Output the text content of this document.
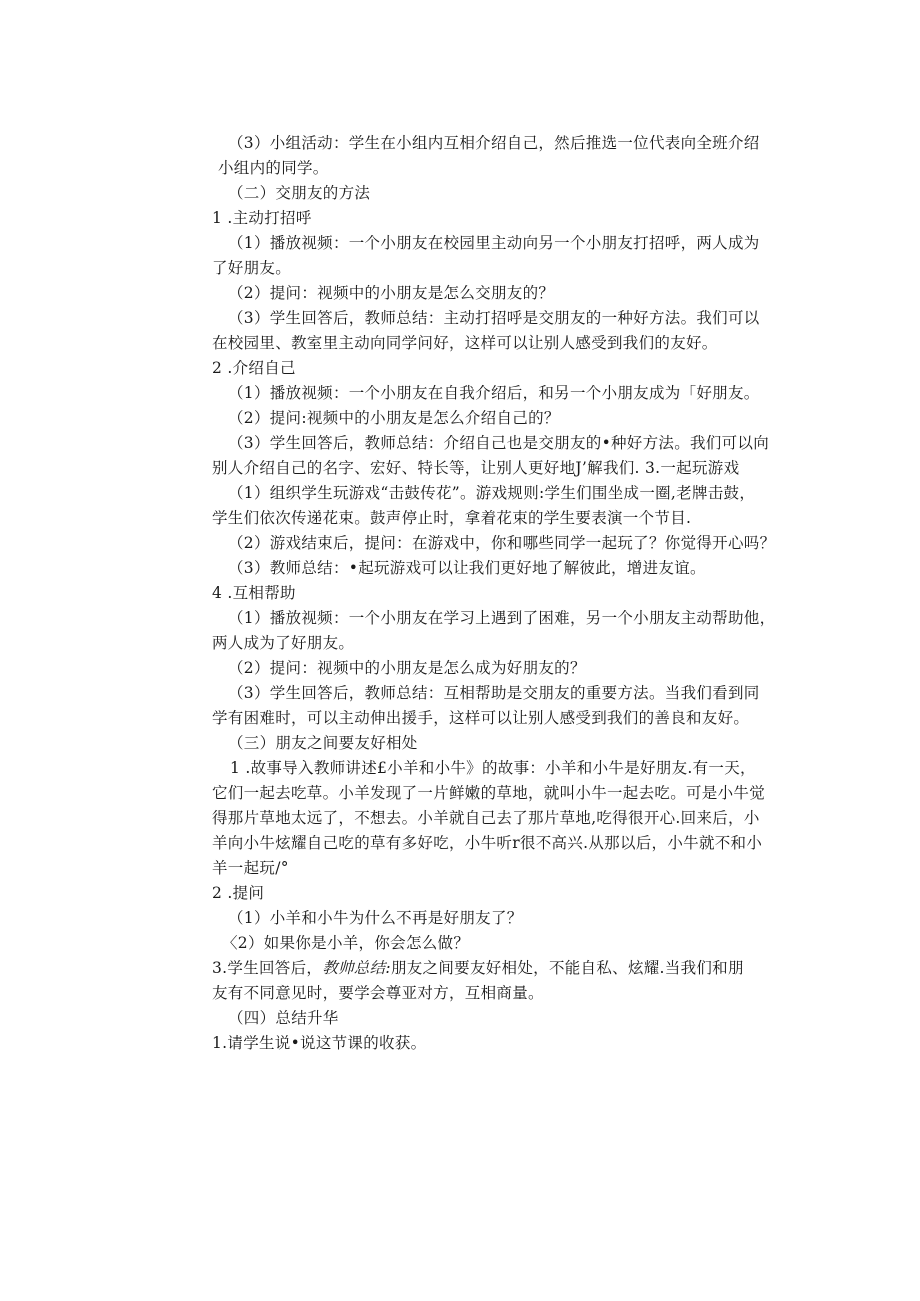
（3）小组活动：学生在小组内互相介绍自己，然后推选一位代表向全班介绍
小组内的同学。
（二）交朋友的方法
1 .主动打招呼
（1）播放视频：一个小朋友在校园里主动向另一个小朋友打招呼，两人成为
了好朋友。
（2）提问：视频中的小朋友是怎么交朋友的？
（3）学生回答后，教师总结：主动打招呼是交朋友的一种好方法。我们可以
在校园里、教室里主动向同学问好，这样可以让别人感受到我们的友好。
2 .介绍自己
（1）播放视频：一个小朋友在自我介绍后，和另一个小朋友成为「好朋友。
（2）提问:视频中的小朋友是怎么介绍自己的？
（3）学生回答后，教师总结：介绍自己也是交朋友的•种好方法。我们可以向
别人介绍自己的名字、宏好、特长等，让别人更好地J’解我们. 3.一起玩游戏
（1）组织学生玩游戏“击鼓传花”。游戏规则:学生们围坐成一圈,老牌击鼓，
学生们依次传递花束。鼓声停止时，拿着花束的学生要表演一个节目.
（2）游戏结束后，提问：在游戏中，你和哪些同学一起玩了？你觉得开心吗？
（3）教师总结：•起玩游戏可以让我们更好地了解彼此，增进友谊。
4 .互相帮助
（1）播放视频：一个小朋友在学习上遇到了困难，另一个小朋友主动帮助他，
两人成为了好朋友。
（2）提问：视频中的小朋友是怎么成为好朋友的？
（3）学生回答后，教师总结：互相帮助是交朋友的重要方法。当我们看到同
学有困难时，可以主动伸出援手，这样可以让别人感受到我们的善良和友好。
（三）朋友之间要友好相处
1 .故事导入教师讲述£小羊和小牛》的故事：小羊和小牛是好朋友.有一天，
它们一起去吃草。小羊发现了一片鲜嫩的草地，就叫小牛一起去吃。可是小牛觉
得那片草地太远了，不想去。小羊就自己去了那片草地,吃得很开心.回来后，小
羊向小牛炫耀自己吃的草有多好吃，小牛听r很不高兴.从那以后，小牛就不和小
羊一起玩/°
2 .提问
（1）小羊和小牛为什么不再是好朋友了？
〈2）如果你是小羊，你会怎么做？
3.学生回答后，教帅总结:朋友之间要友好相处，不能自私、炫耀.当我们和朋
友有不同意见时，要学会尊亚对方，互相商量。
（四）总结升华
1.请学生说•说这节课的收获。
